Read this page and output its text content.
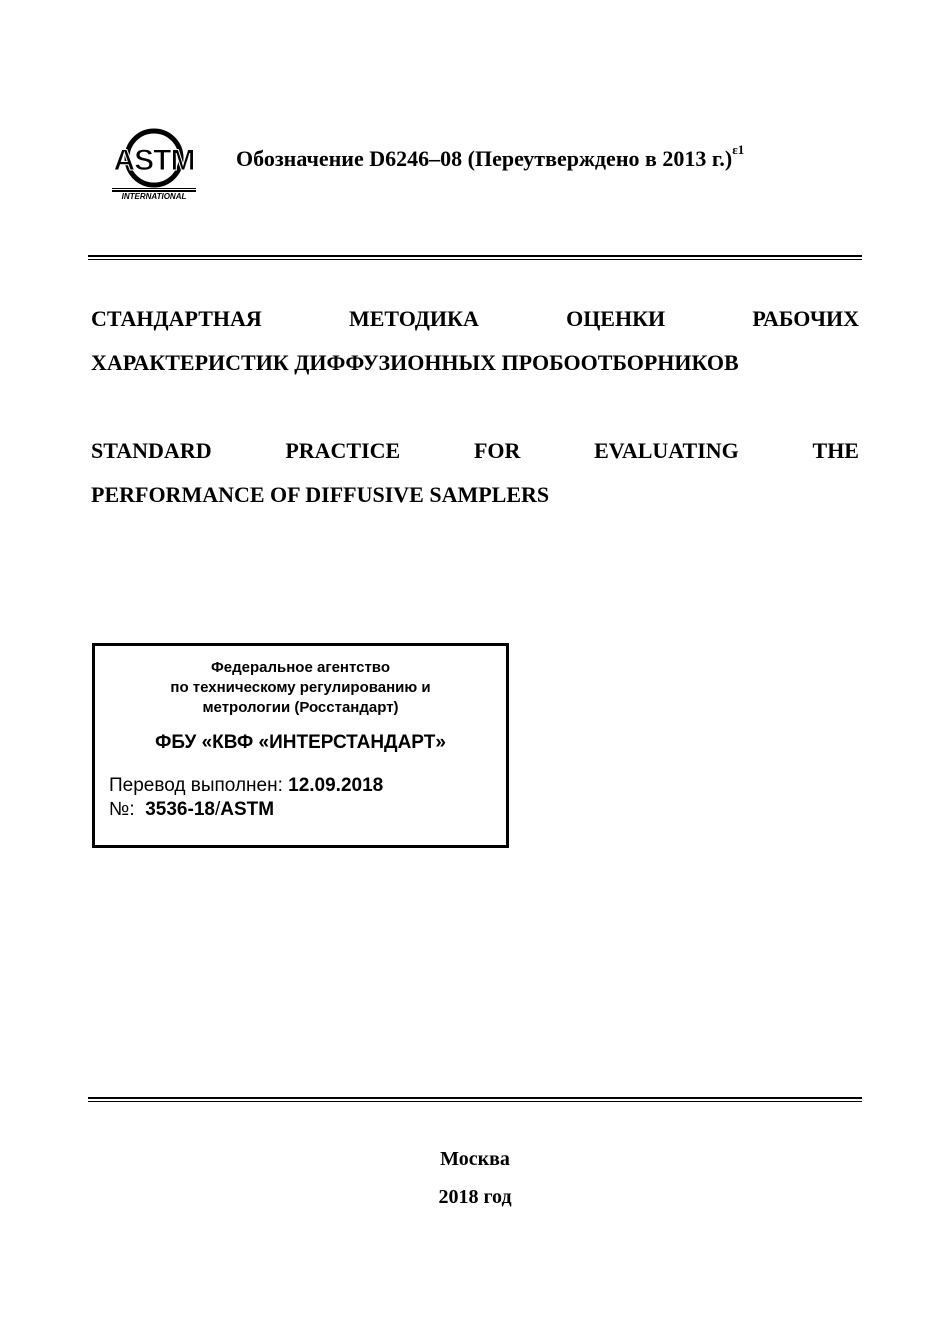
ASTM
INTERNATIONAL
Обозначение D6246–08 (Переутверждено в 2013 г.)$^{\varepsilon 1}$
СТАНДАРТНАЯ	МЕТОДИКА	ОЦЕНКИ	РАБОЧИХ
ХАРАКТЕРИСТИК ДИФФУЗИОННЫХ ПРОБООТБОРНИКОВ
STANDARD	PRACTICE	FOR	EVALUATING	THE
PERFORMANCE OF DIFFUSIVE SAMPLERS
Федеральное агентство
по техническому регулированию и
метрологии (Росстандарт)
ФБУ «КВФ «ИНТЕРСТАНДАРТ»
Перевод выполнен: 12.09.2018
№: 3536-18/ASTM
Москва
2018 год
